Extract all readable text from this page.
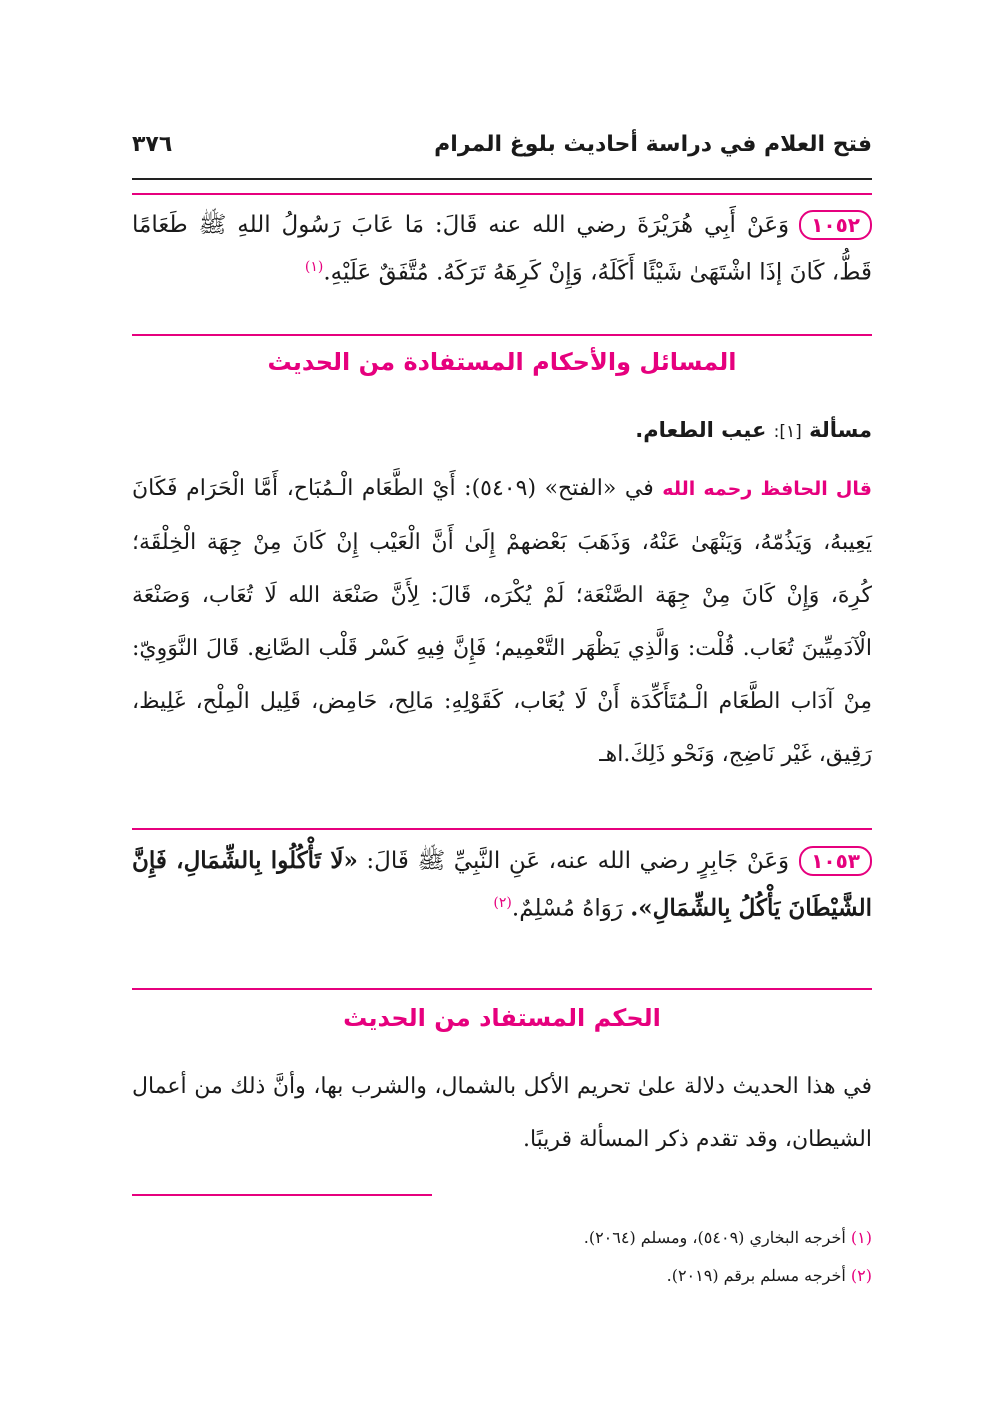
فتح العلام في دراسة أحاديث بلوغ المرام
٣٧٦
١٠٥٢وَعَنْ أَبِي هُرَيْرَةَ رضي الله عنه قَالَ: مَا عَابَ رَسُولُ اللهِ ﷺ طَعَامًا قَطُّ، كَانَ إذَا اشْتَهَىٰ شَيْئًا أَكَلَهُ، وَإِنْ كَرِهَهُ تَرَكَهُ. مُتَّفَقٌ عَلَيْهِ.$^{(١)}$
المسائل والأحكام المستفادة من الحديث
مسألة [١]: عيب الطعام.
قال الحافظ رحمه الله في «الفتح» (٥٤٠٩): أَيْ الطَّعَام الْـمُبَاح، أَمَّا الْحَرَام فَكَانَ يَعِيبهُ، وَيَذُمّهُ، وَيَنْهَىٰ عَنْهُ، وَذَهَبَ بَعْضهمْ إِلَىٰ أَنَّ الْعَيْب إِنْ كَانَ مِنْ جِهَة الْخِلْقَة؛ كُرِهَ، وَإِنْ كَانَ مِنْ جِهَة الصَّنْعَة؛ لَمْ يُكْرَه، قَالَ: لِأَنَّ صَنْعَة الله لَا تُعَاب، وَصَنْعَة الْآدَمِيِّينَ تُعَاب. قُلْت: وَالَّذِي يَظْهَر التَّعْمِيم؛ فَإِنَّ فِيهِ كَسْر قَلْب الصَّانِع. قَالَ النَّوَوِيّ: مِنْ آدَاب الطَّعَام الْـمُتَأَكِّدَة أَنْ لَا يُعَاب، كَقَوْلِهِ: مَالِح، حَامِض، قَلِيل الْمِلْح، غَلِيظ، رَقِيق، غَيْر نَاضِج، وَنَحْو ذَلِكَ.اهـ
١٠٥٣وَعَنْ جَابِرٍ رضي الله عنه، عَنِ النَّبِيِّ ﷺ قَالَ: «لَا تَأْكُلُوا بِالشِّمَالِ، فَإِنَّ الشَّيْطَانَ يَأْكُلُ بِالشِّمَالِ». رَوَاهُ مُسْلِمٌ.$^{(٢)}$
الحكم المستفاد من الحديث
في هذا الحديث دلالة علىٰ تحريم الأكل بالشمال، والشرب بها، وأنَّ ذلك من أعمال الشيطان، وقد تقدم ذكر المسألة قريبًا.
(١) أخرجه البخاري (٥٤٠٩)، ومسلم (٢٠٦٤).
(٢) أخرجه مسلم برقم (٢٠١٩).
